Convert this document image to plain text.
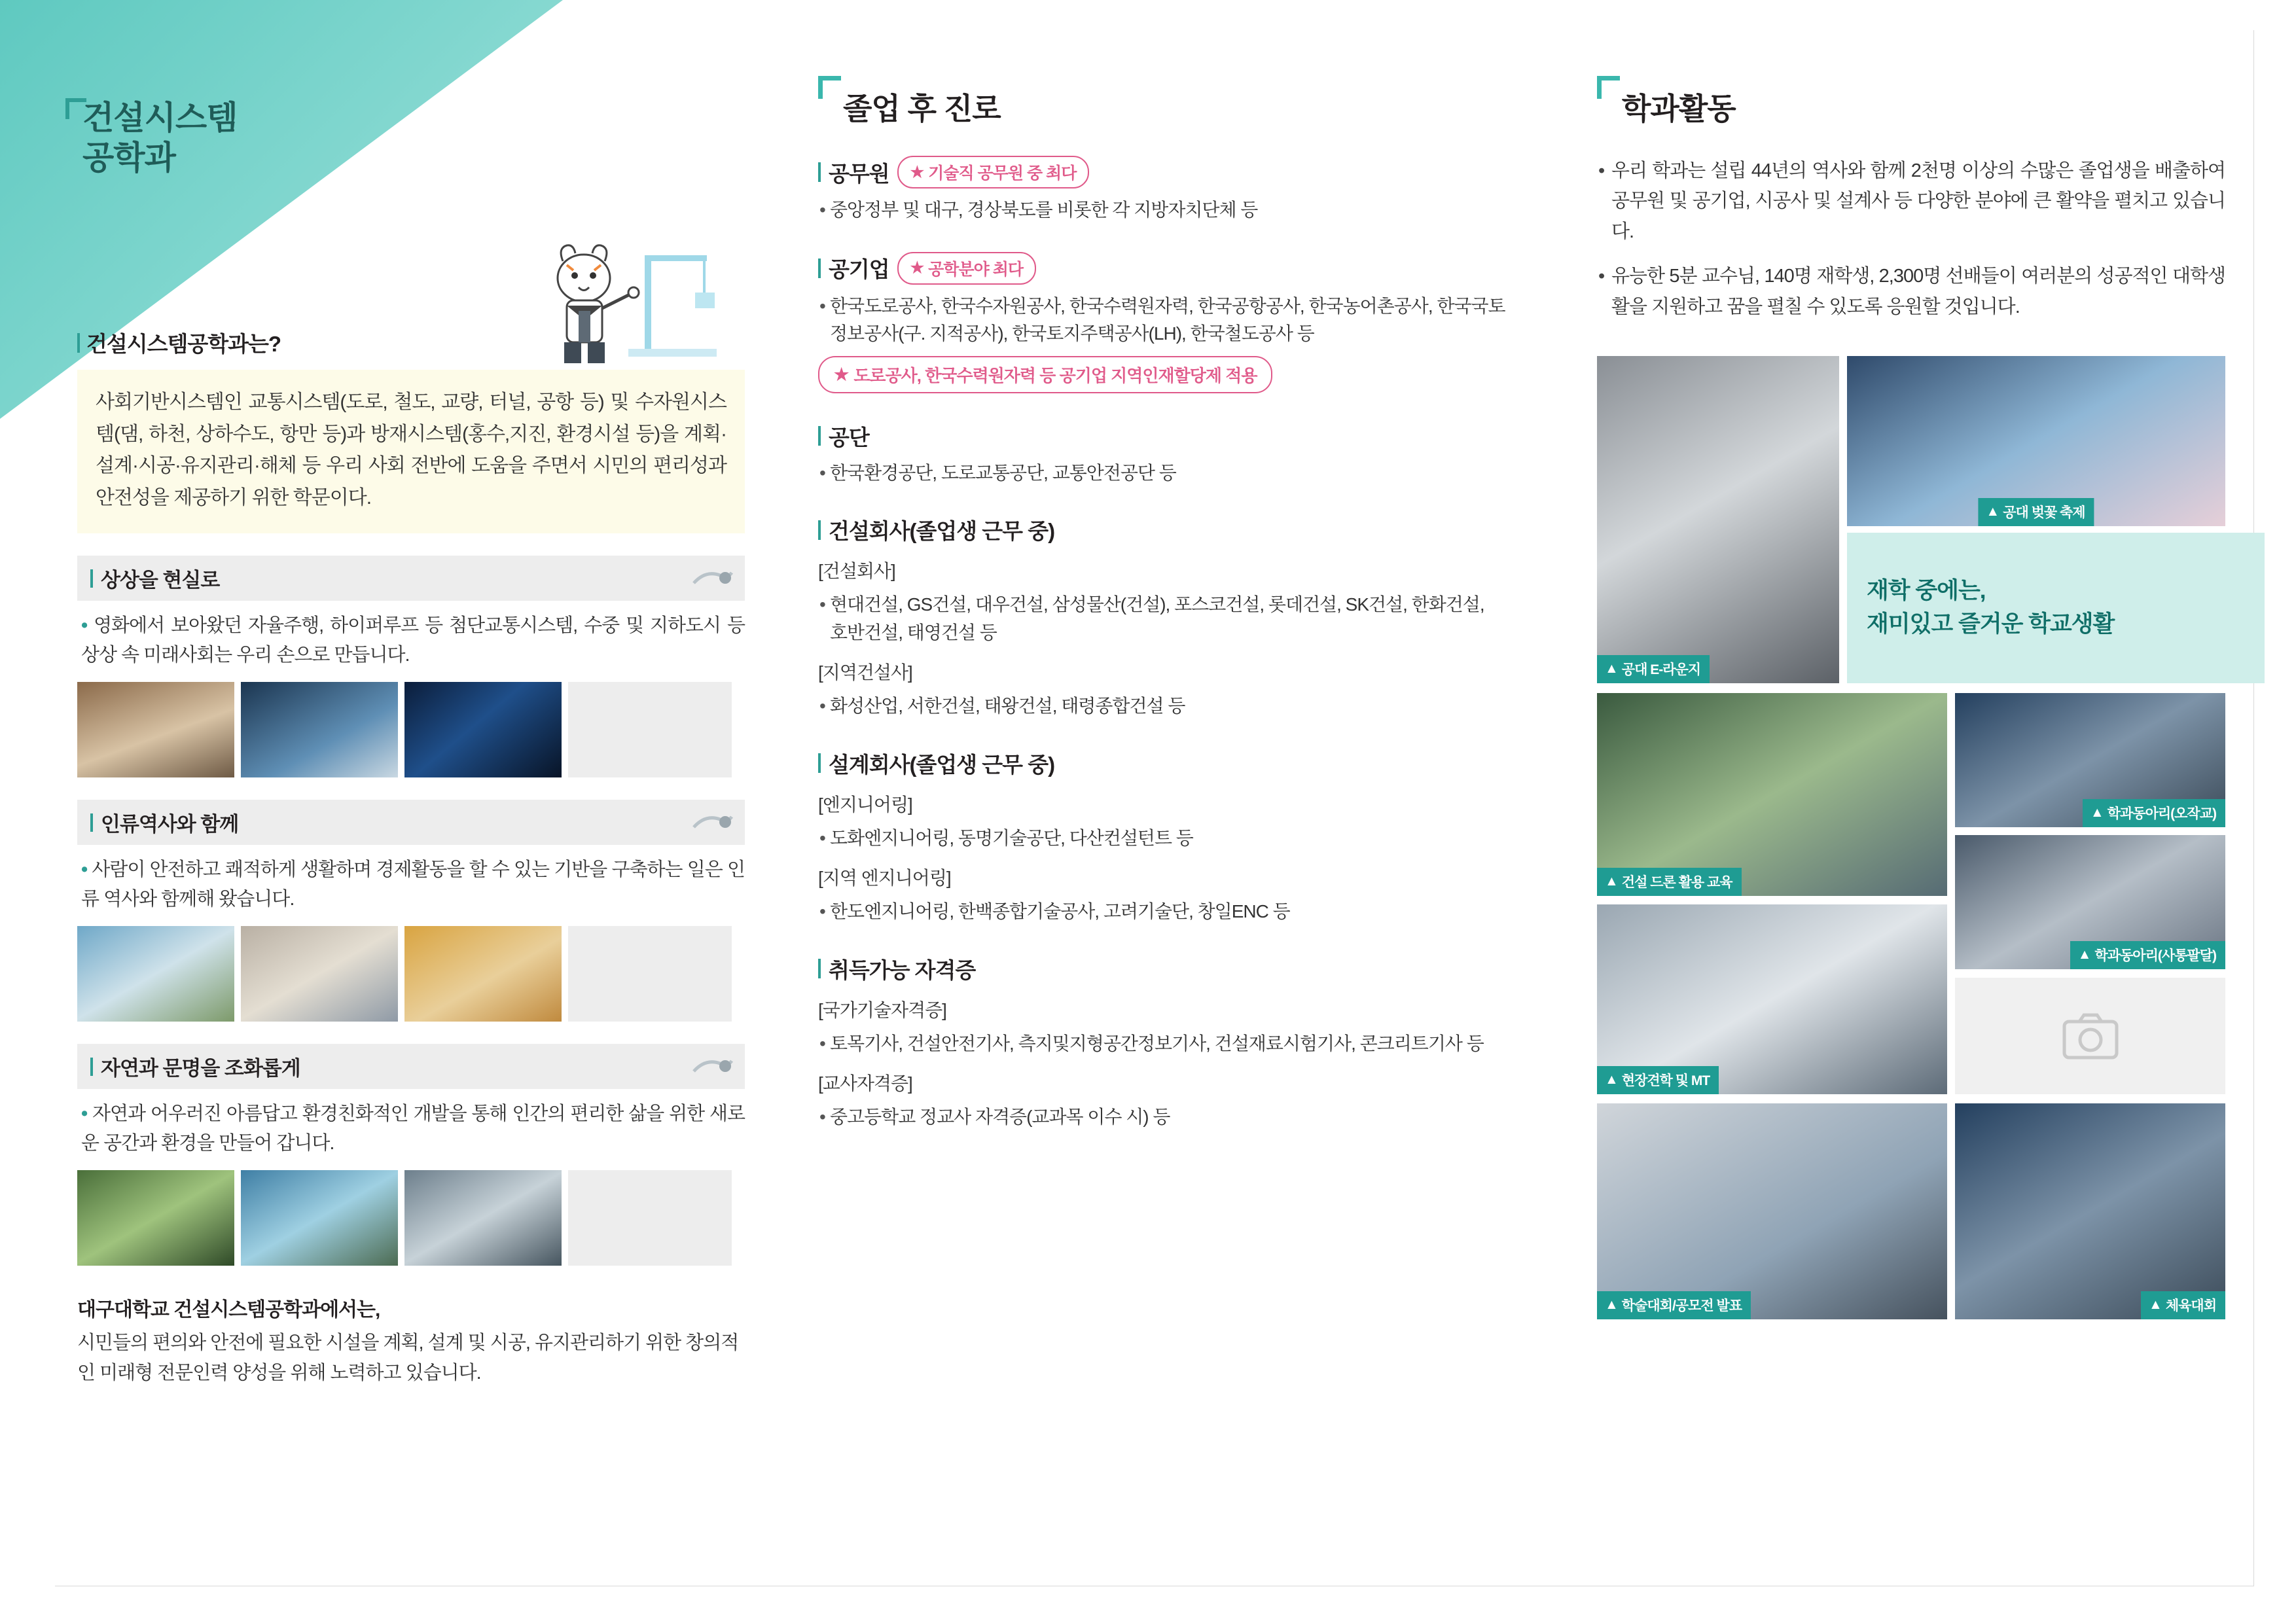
건설시스템
공학과
건설시스템공학과는?
사회기반시스템인 교통시스템(도로, 철도, 교량, 터널, 공항 등) 및 수자원시스템(댐, 하천, 상하수도, 항만 등)과 방재시스템(홍수,지진, 환경시설 등)을 계획·설계·시공·유지관리·해체 등 우리 사회 전반에 도움을 주면서 시민의 편리성과 안전성을 제공하기 위한 학문이다.
상상을 현실로
• 영화에서 보아왔던 자율주행, 하이퍼루프 등 첨단교통시스템, 수중 및 지하도시 등 상상 속 미래사회는 우리 손으로 만듭니다.
인류역사와 함께
• 사람이 안전하고 쾌적하게 생활하며 경제활동을 할 수 있는 기반을 구축하는 일은 인류 역사와 함께해 왔습니다.
자연과 문명을 조화롭게
• 자연과 어우러진 아름답고 환경친화적인 개발을 통해 인간의 편리한 삶을 위한 새로운 공간과 환경을 만들어 갑니다.
대구대학교 건설시스템공학과에서는,
시민들의 편의와 안전에 필요한 시설을 계획, 설계 및 시공, 유지관리하기 위한 창의적인 미래형 전문인력 양성을 위해 노력하고 있습니다.
졸업 후 진로
공무원 ★ 기술직 공무원 중 최다
• 중앙정부 및 대구, 경상북도를 비롯한 각 지방자치단체 등
공기업 ★ 공학분야 최다
• 한국도로공사, 한국수자원공사, 한국수력원자력, 한국공항공사, 한국농어촌공사, 한국국토정보공사(구. 지적공사), 한국토지주택공사(LH), 한국철도공사 등
★ 도로공사, 한국수력원자력 등 공기업 지역인재할당제 적용
공단
• 한국환경공단, 도로교통공단, 교통안전공단 등
건설회사(졸업생 근무 중)
[건설회사]
• 현대건설, GS건설, 대우건설, 삼성물산(건설), 포스코건설, 롯데건설, SK건설, 한화건설, 호반건설, 태영건설 등
[지역건설사]
• 화성산업, 서한건설, 태왕건설, 태령종합건설 등
설계회사(졸업생 근무 중)
[엔지니어링]
• 도화엔지니어링, 동명기술공단, 다산컨설턴트 등
[지역 엔지니어링]
• 한도엔지니어링, 한백종합기술공사, 고려기술단, 창일ENC 등
취득가능 자격증
[국가기술자격증]
• 토목기사, 건설안전기사, 측지및지형공간정보기사, 건설재료시험기사, 콘크리트기사 등
[교사자격증]
• 중고등학교 정교사 자격증(교과목 이수 시) 등
학과활동
• 우리 학과는 설립 44년의 역사와 함께 2천명 이상의 수많은 졸업생을 배출하여 공무원 및 공기업, 시공사 및 설계사 등 다양한 분야에 큰 활약을 펼치고 있습니다.
• 유능한 5분 교수님, 140명 재학생, 2,300명 선배들이 여러분의 성공적인 대학생활을 지원하고 꿈을 펼칠 수 있도록 응원할 것입니다.
▲ 공대 E-라운지
▲ 공대 벚꽃 축제
재학 중에는,
재미있고 즐거운 학교생활
▲ 건설 드론 활용 교육
▲ 학과동아리(오작교)
▲ 학과동아리(사통팔달)
▲ 현장견학 및 MT
▲ 학술대회/공모전 발표	▲ 체육대회
